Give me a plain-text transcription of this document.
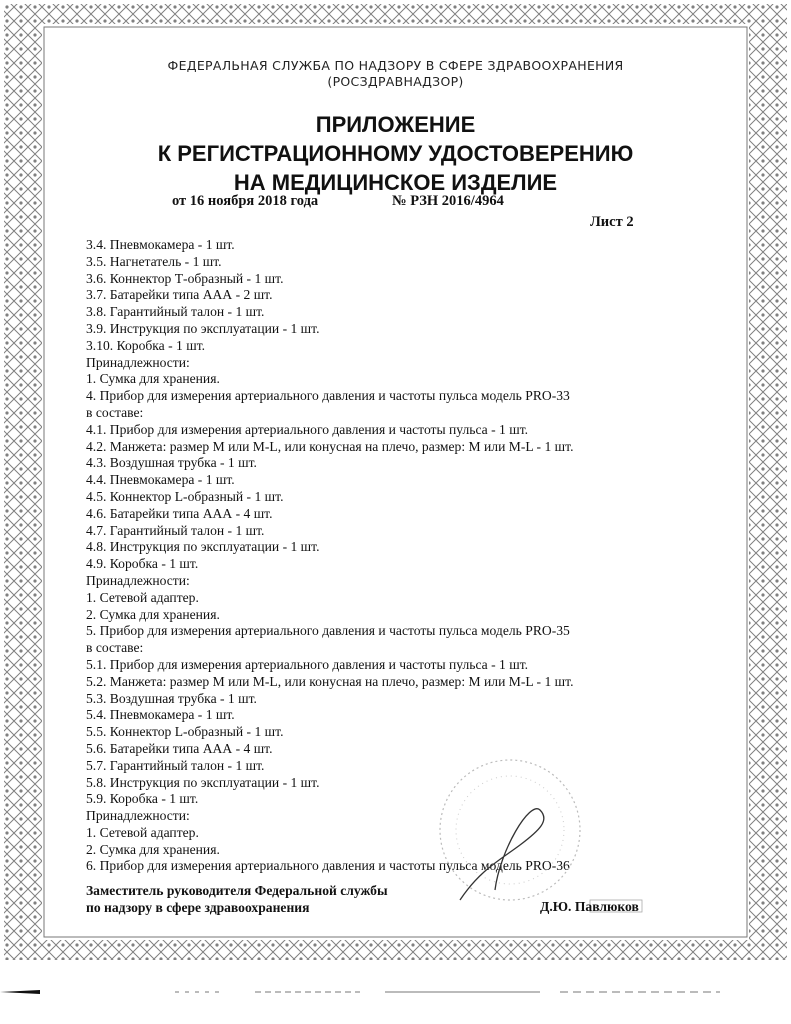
ФЕДЕРАЛЬНАЯ СЛУЖБА ПО НАДЗОРУ В СФЕРЕ ЗДРАВООХРАНЕНИЯ
(РОСЗДРАВНАДЗОР)
ПРИЛОЖЕНИЕ
К РЕГИСТРАЦИОННОМУ УДОСТОВЕРЕНИЮ
НА МЕДИЦИНСКОЕ ИЗДЕЛИЕ
от 16 ноября 2018 года	№ РЗН 2016/4964
Лист 2
3.4. Пневмокамера - 1 шт.
3.5. Нагнетатель - 1 шт.
3.6. Коннектор Т-образный - 1 шт.
3.7. Батарейки типа ААА - 2 шт.
3.8. Гарантийный талон - 1 шт.
3.9. Инструкция по эксплуатации - 1 шт.
3.10. Коробка - 1 шт.
Принадлежности:
1. Сумка для хранения.
4. Прибор для измерения артериального давления и частоты пульса модель PRO-33
в составе:
4.1. Прибор для измерения артериального давления и частоты пульса - 1 шт.
4.2. Манжета: размер М или M-L, или конусная на плечо, размер: М или M-L - 1 шт.
4.3. Воздушная трубка - 1 шт.
4.4. Пневмокамера - 1 шт.
4.5. Коннектор L-образный - 1 шт.
4.6. Батарейки типа ААА - 4 шт.
4.7. Гарантийный талон - 1 шт.
4.8. Инструкция по эксплуатации - 1 шт.
4.9. Коробка - 1 шт.
Принадлежности:
1. Сетевой адаптер.
2. Сумка для хранения.
5. Прибор для измерения артериального давления и частоты пульса модель PRO-35
в составе:
5.1. Прибор для измерения артериального давления и частоты пульса - 1 шт.
5.2. Манжета: размер М или M-L, или конусная на плечо, размер: М или M-L - 1 шт.
5.3. Воздушная трубка - 1 шт.
5.4. Пневмокамера - 1 шт.
5.5. Коннектор L-образный - 1 шт.
5.6. Батарейки типа ААА - 4 шт.
5.7. Гарантийный талон - 1 шт.
5.8. Инструкция по эксплуатации - 1 шт.
5.9. Коробка - 1 шт.
Принадлежности:
1. Сетевой адаптер.
2. Сумка для хранения.
6. Прибор для измерения артериального давления и частоты пульса модель PRO-36
Заместитель руководителя Федеральной службы
по надзору в сфере здравоохранения	Д.Ю. Павлюков
